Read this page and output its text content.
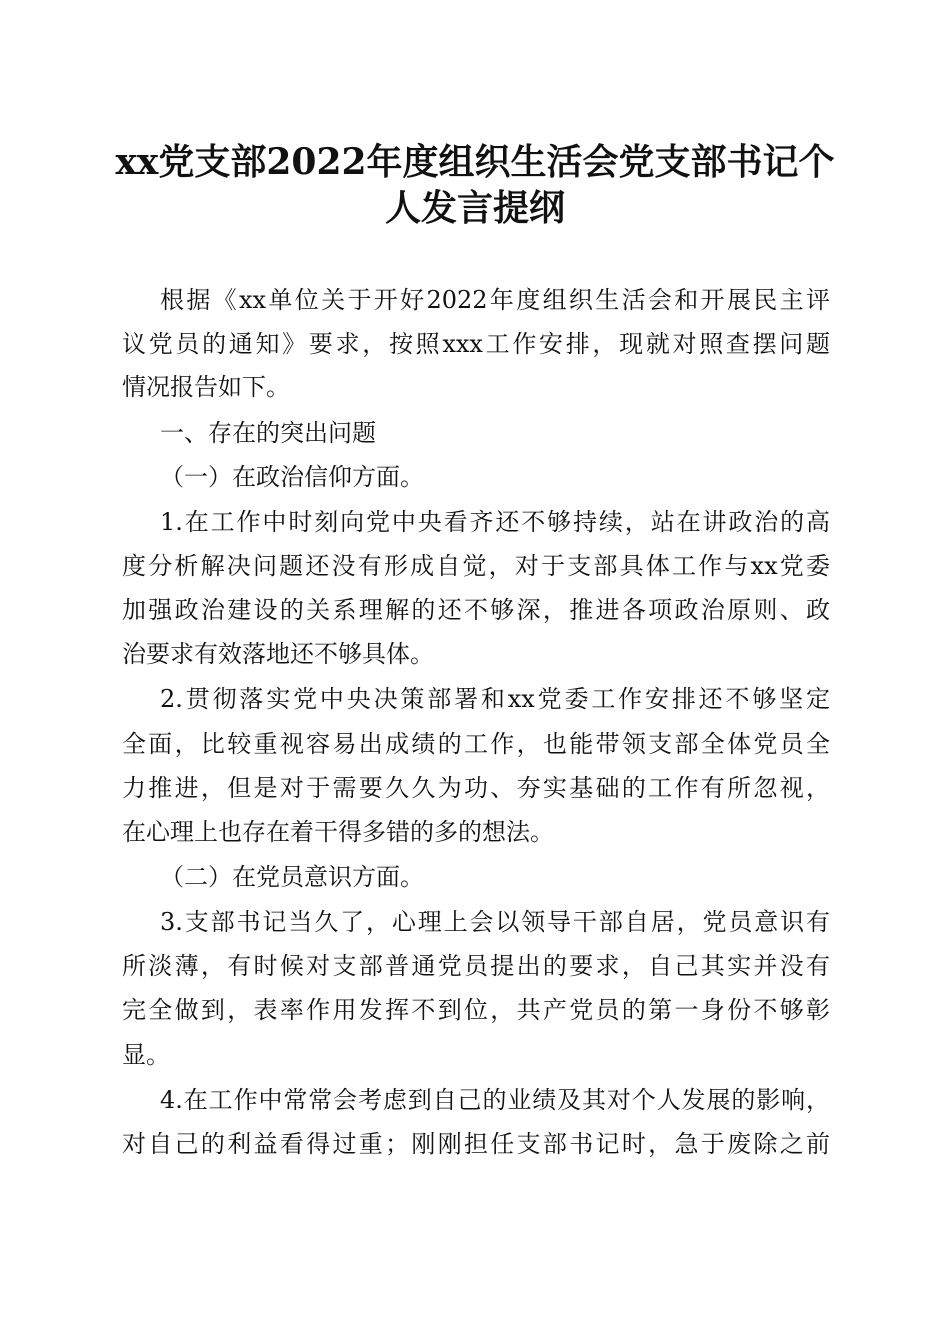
xx党支部2022年度组织生活会党支部书记个
人发言提纲

根据《xx单位关于开好2022年度组织生活会和开展民主评

议党员的通知》要求，按照xxx工作安排，现就对照查摆问题

情况报告如下。

一、存在的突出问题

（一）在政治信仰方面。

1.在工作中时刻向党中央看齐还不够持续，站在讲政治的高

度分析解决问题还没有形成自觉，对于支部具体工作与xx党委

加强政治建设的关系理解的还不够深，推进各项政治原则、政

治要求有效落地还不够具体。

2.贯彻落实党中央决策部署和xx党委工作安排还不够坚定

全面，比较重视容易出成绩的工作，也能带领支部全体党员全

力推进，但是对于需要久久为功、夯实基础的工作有所忽视，

在心理上也存在着干得多错的多的想法。

（二）在党员意识方面。

3.支部书记当久了，心理上会以领导干部自居，党员意识有

所淡薄，有时候对支部普通党员提出的要求，自己其实并没有

完全做到，表率作用发挥不到位，共产党员的第一身份不够彰

显。

4.在工作中常常会考虑到自己的业绩及其对个人发展的影响，

对自己的利益看得过重；刚刚担任支部书记时，急于废除之前
